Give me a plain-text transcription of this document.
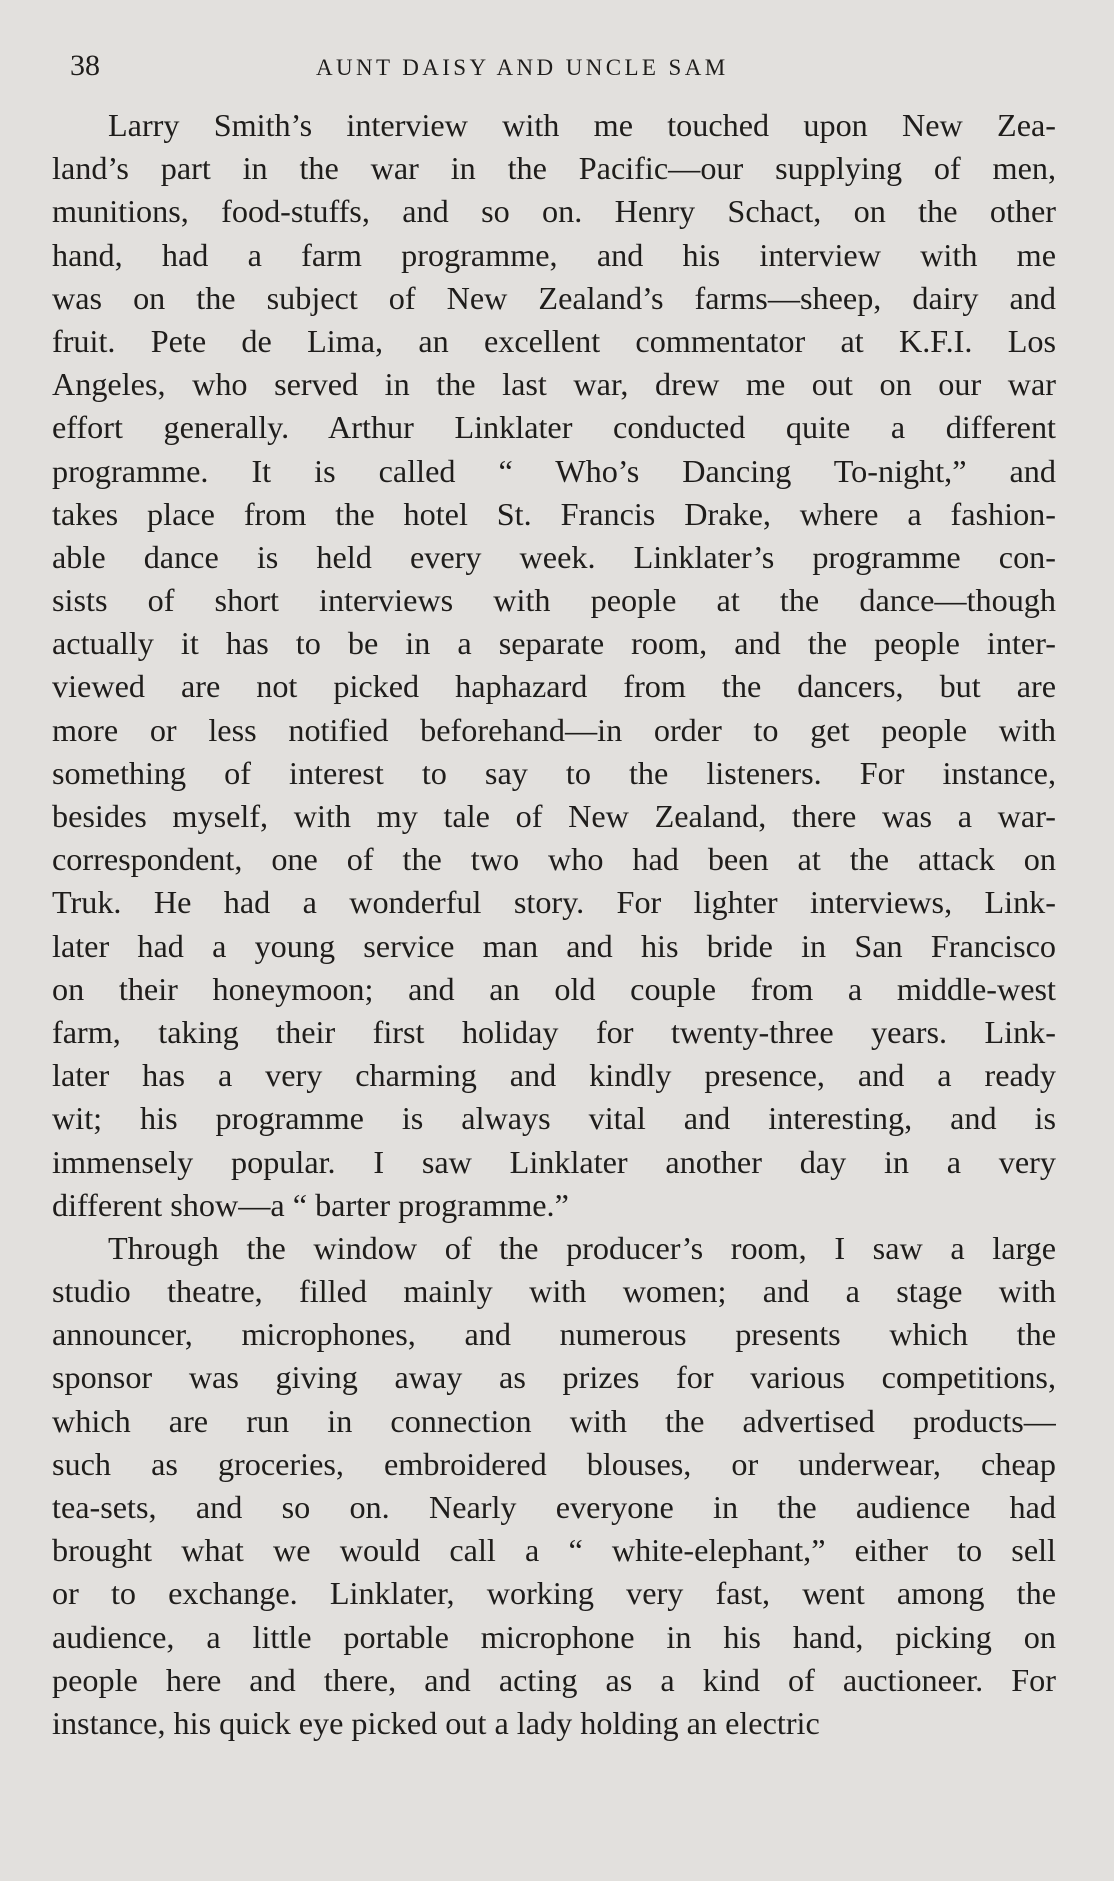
38	AUNT DAISY AND UNCLE SAM
Larry Smith’s interview with me touched upon New Zea-
land’s part in the war in the Pacific—our supplying of men,
munitions, food-stuffs, and so on. Henry Schact, on the other
hand, had a farm programme, and his interview with me
was on the subject of New Zealand’s farms—sheep, dairy and
fruit. Pete de Lima, an excellent commentator at K.F.I. Los
Angeles, who served in the last war, drew me out on our war
effort generally. Arthur Linklater conducted quite a different
programme. It is called “ Who’s Dancing To-night,” and
takes place from the hotel St. Francis Drake, where a fashion-
able dance is held every week. Linklater’s programme con-
sists of short interviews with people at the dance—though
actually it has to be in a separate room, and the people inter-
viewed are not picked haphazard from the dancers, but are
more or less notified beforehand—in order to get people with
something of interest to say to the listeners. For instance,
besides myself, with my tale of New Zealand, there was a war-
correspondent, one of the two who had been at the attack on
Truk. He had a wonderful story. For lighter interviews, Link-
later had a young service man and his bride in San Francisco
on their honeymoon; and an old couple from a middle-west
farm, taking their first holiday for twenty-three years. Link-
later has a very charming and kindly presence, and a ready
wit; his programme is always vital and interesting, and is
immensely popular. I saw Linklater another day in a very
different show—a “ barter programme.”
Through the window of the producer’s room, I saw a large
studio theatre, filled mainly with women; and a stage with
announcer, microphones, and numerous presents which the
sponsor was giving away as prizes for various competitions,
which are run in connection with the advertised products—
such as groceries, embroidered blouses, or underwear, cheap
tea-sets, and so on. Nearly everyone in the audience had
brought what we would call a “ white-elephant,” either to sell
or to exchange. Linklater, working very fast, went among the
audience, a little portable microphone in his hand, picking on
people here and there, and acting as a kind of auctioneer. For
instance, his quick eye picked out a lady holding an electric
